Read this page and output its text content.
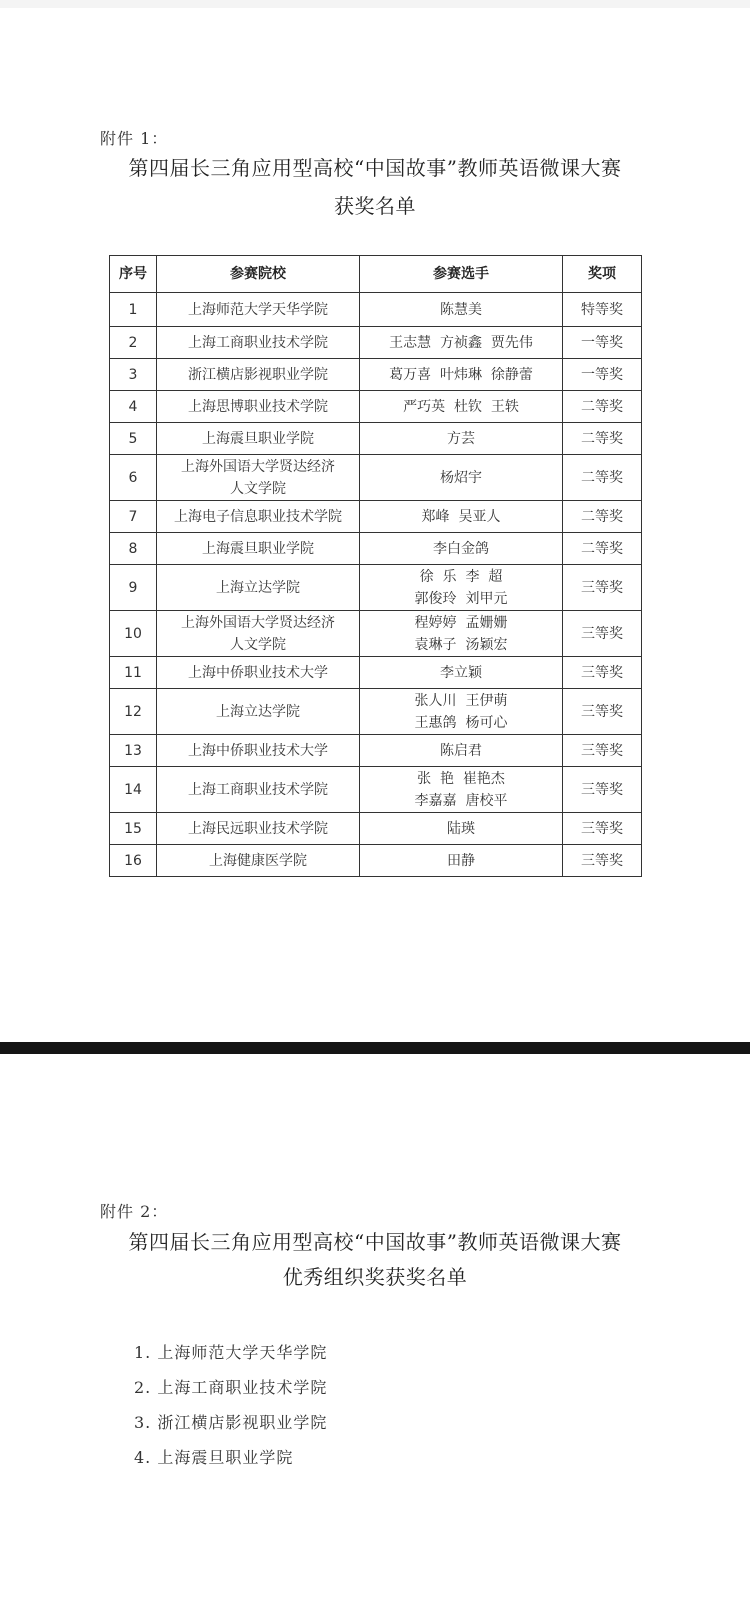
附件 1：
第四届长三角应用型高校“中国故事”教师英语微课大赛
获奖名单
序号	参赛院校	参赛选手	奖项
1	上海师范大学天华学院	陈慧美	特等奖
2	上海工商职业技术学院	王志慧  方祯鑫  贾先伟	一等奖
3	浙江横店影视职业学院	葛万喜  叶炜琳  徐静蕾	一等奖
4	上海思博职业技术学院	严巧英  杜钦  王轶	二等奖
5	上海震旦职业学院	方芸	二等奖
6	上海外国语大学贤达经济
人文学院	杨炤宇	二等奖
7	上海电子信息职业技术学院	郑峰  吴亚人	二等奖
8	上海震旦职业学院	李白金鸽	二等奖
9	上海立达学院	徐  乐  李  超
郭俊玲  刘甲元	三等奖
10	上海外国语大学贤达经济
人文学院	程婷婷  孟姗姗
袁琳子  汤颖宏	三等奖
11	上海中侨职业技术大学	李立颖	三等奖
12	上海立达学院	张人川  王伊萌
王惠鸽  杨可心	三等奖
13	上海中侨职业技术大学	陈启君	三等奖
14	上海工商职业技术学院	张  艳  崔艳杰
李嘉嘉  唐校平	三等奖
15	上海民远职业技术学院	陆瑛	三等奖
16	上海健康医学院	田静	三等奖
附件 2：
第四届长三角应用型高校“中国故事”教师英语微课大赛
优秀组织奖获奖名单
1. 上海师范大学天华学院
2. 上海工商职业技术学院
3. 浙江横店影视职业学院
4. 上海震旦职业学院
